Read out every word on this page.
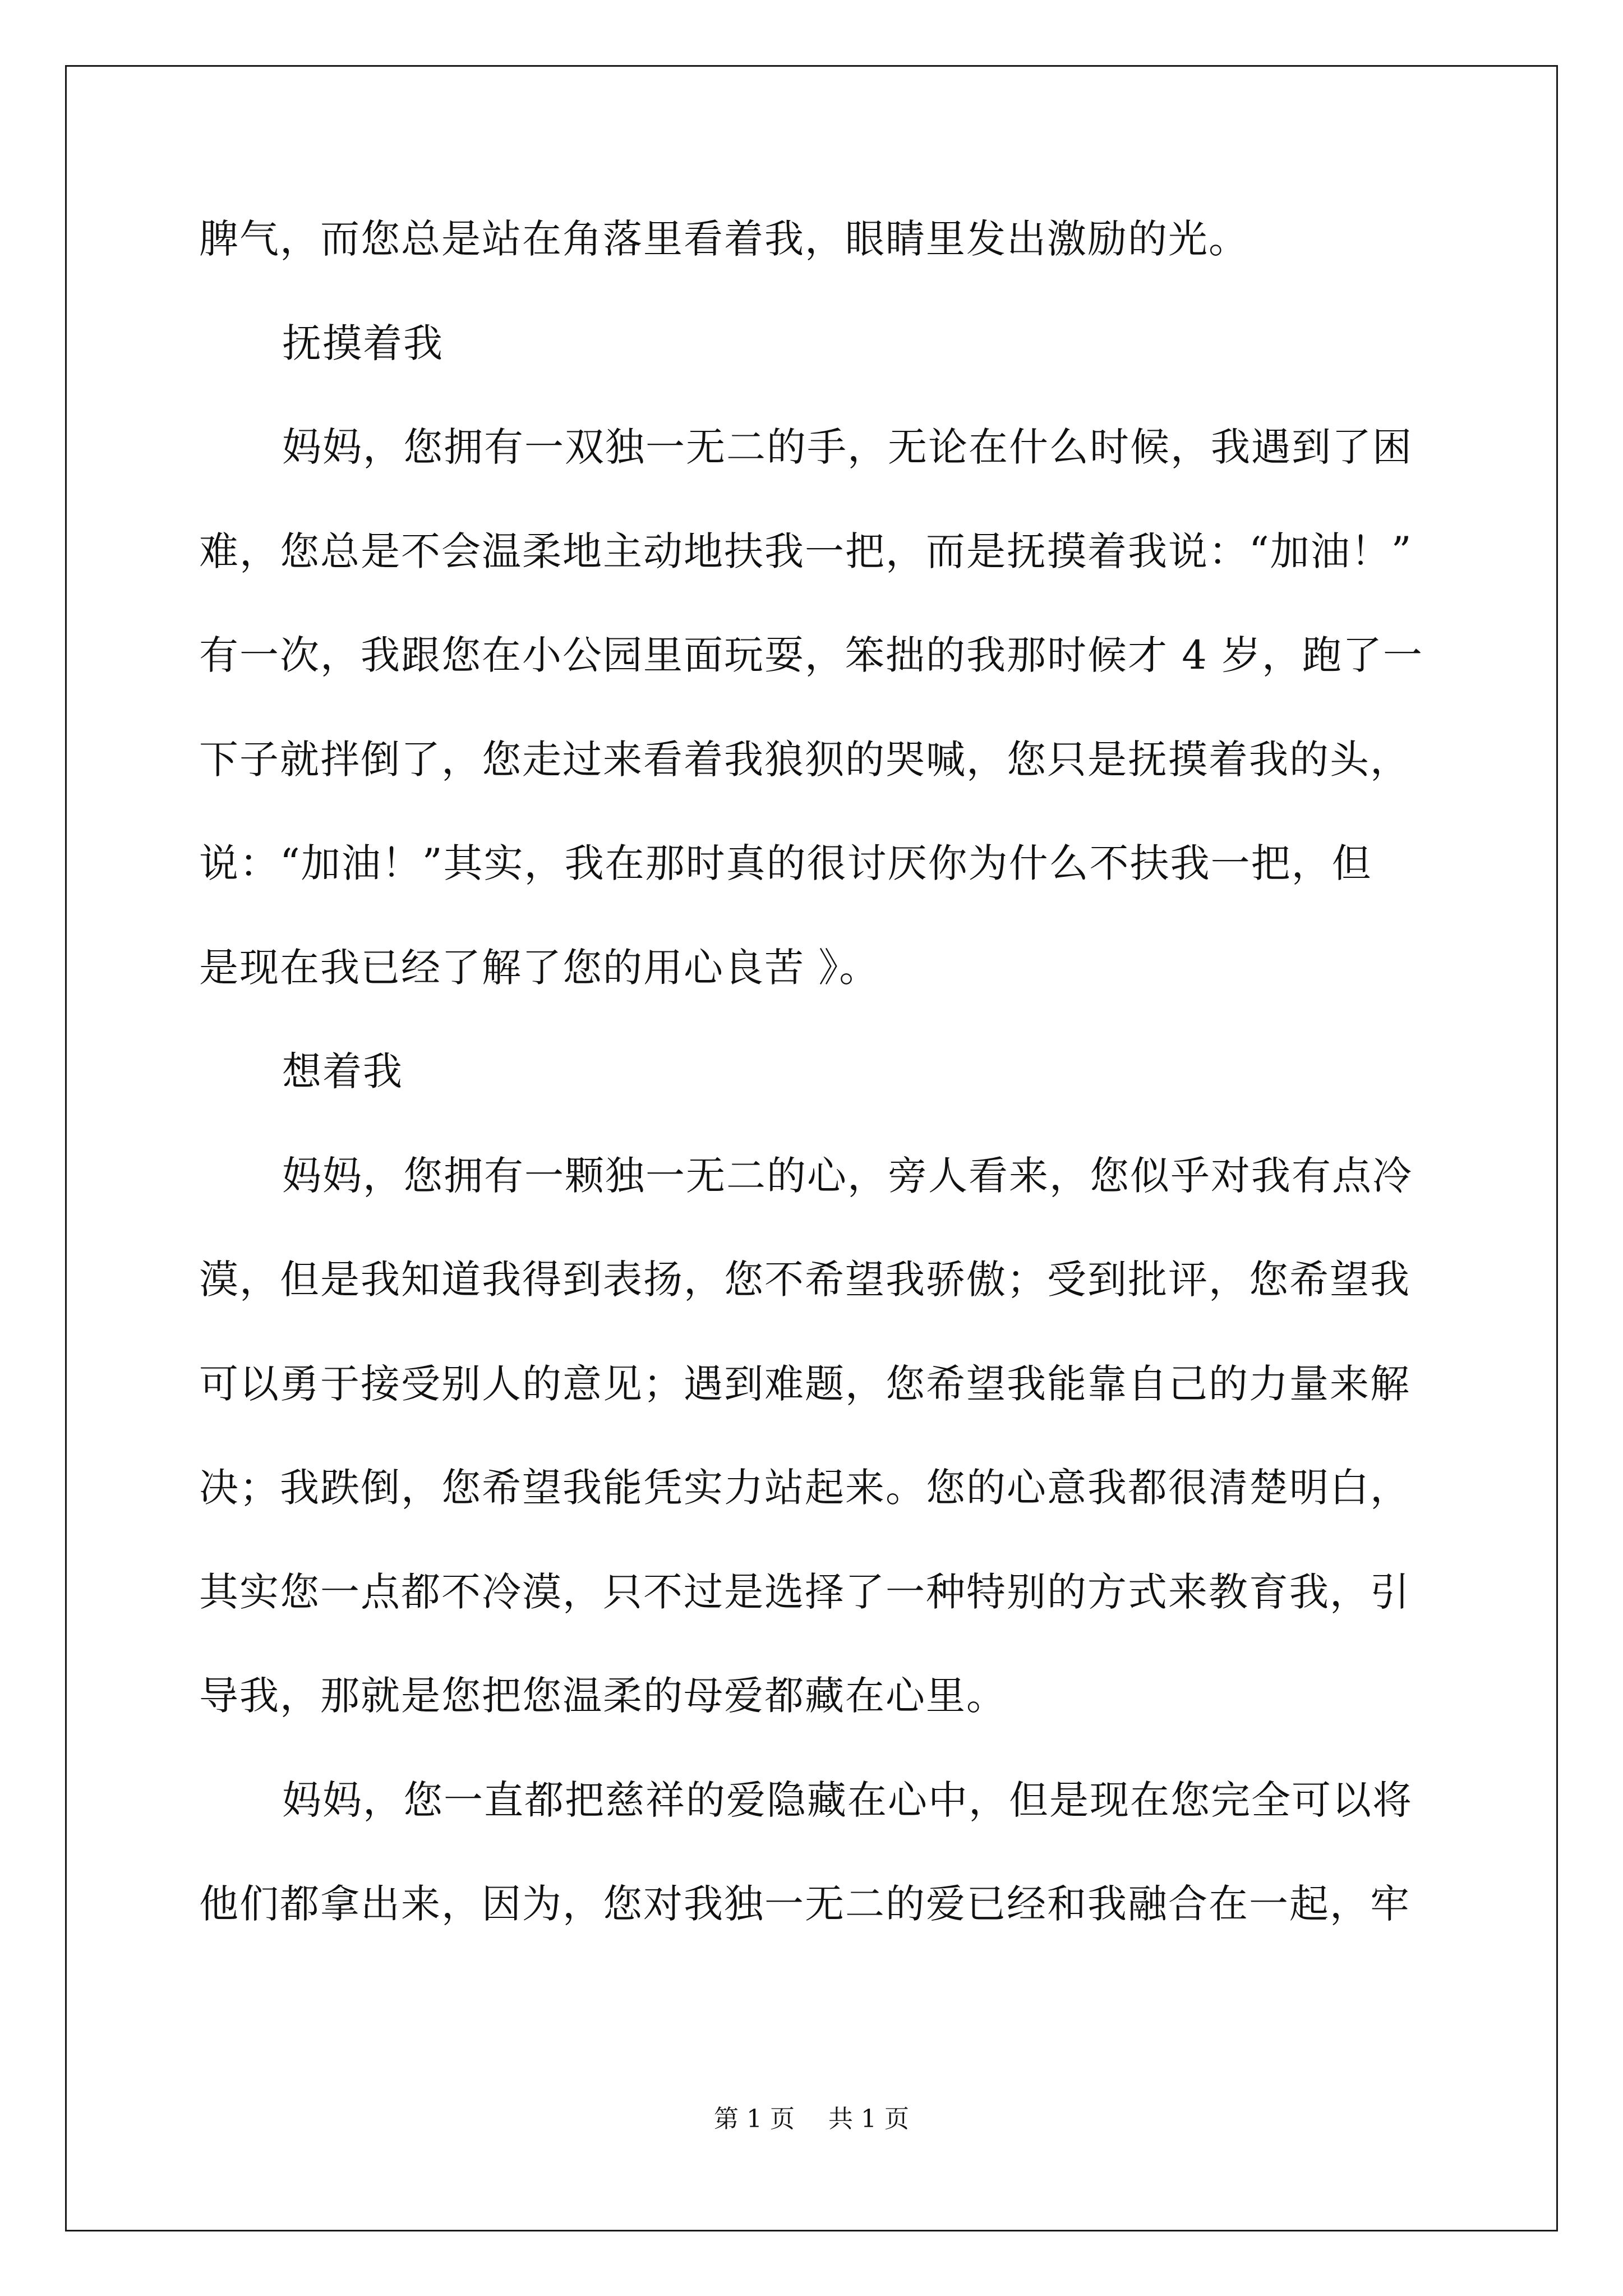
脾气，而您总是站在角落里看着我，眼睛里发出激励的光。
抚摸着我
妈妈，您拥有一双独一无二的手，无论在什么时候，我遇到了困
难，您总是不会温柔地主动地扶我一把，而是抚摸着我说：“加油！”
有一次，我跟您在小公园里面玩耍，笨拙的我那时候才 4 岁，跑了一
下子就拌倒了，您走过来看着我狼狈的哭喊，您只是抚摸着我的头，
说：“加油！”其实，我在那时真的很讨厌你为什么不扶我一把，但
是现在我已经了解了您的用心良苦 》。
想着我
妈妈，您拥有一颗独一无二的心，旁人看来，您似乎对我有点冷
漠，但是我知道我得到表扬，您不希望我骄傲；受到批评，您希望我
可以勇于接受别人的意见；遇到难题，您希望我能靠自己的力量来解
决；我跌倒，您希望我能凭实力站起来。您的心意我都很清楚明白，
其实您一点都不冷漠，只不过是选择了一种特别的方式来教育我，引
导我，那就是您把您温柔的母爱都藏在心里。
妈妈，您一直都把慈祥的爱隐藏在心中，但是现在您完全可以将
他们都拿出来，因为，您对我独一无二的爱已经和我融合在一起，牢
第 1 页 共 1 页
